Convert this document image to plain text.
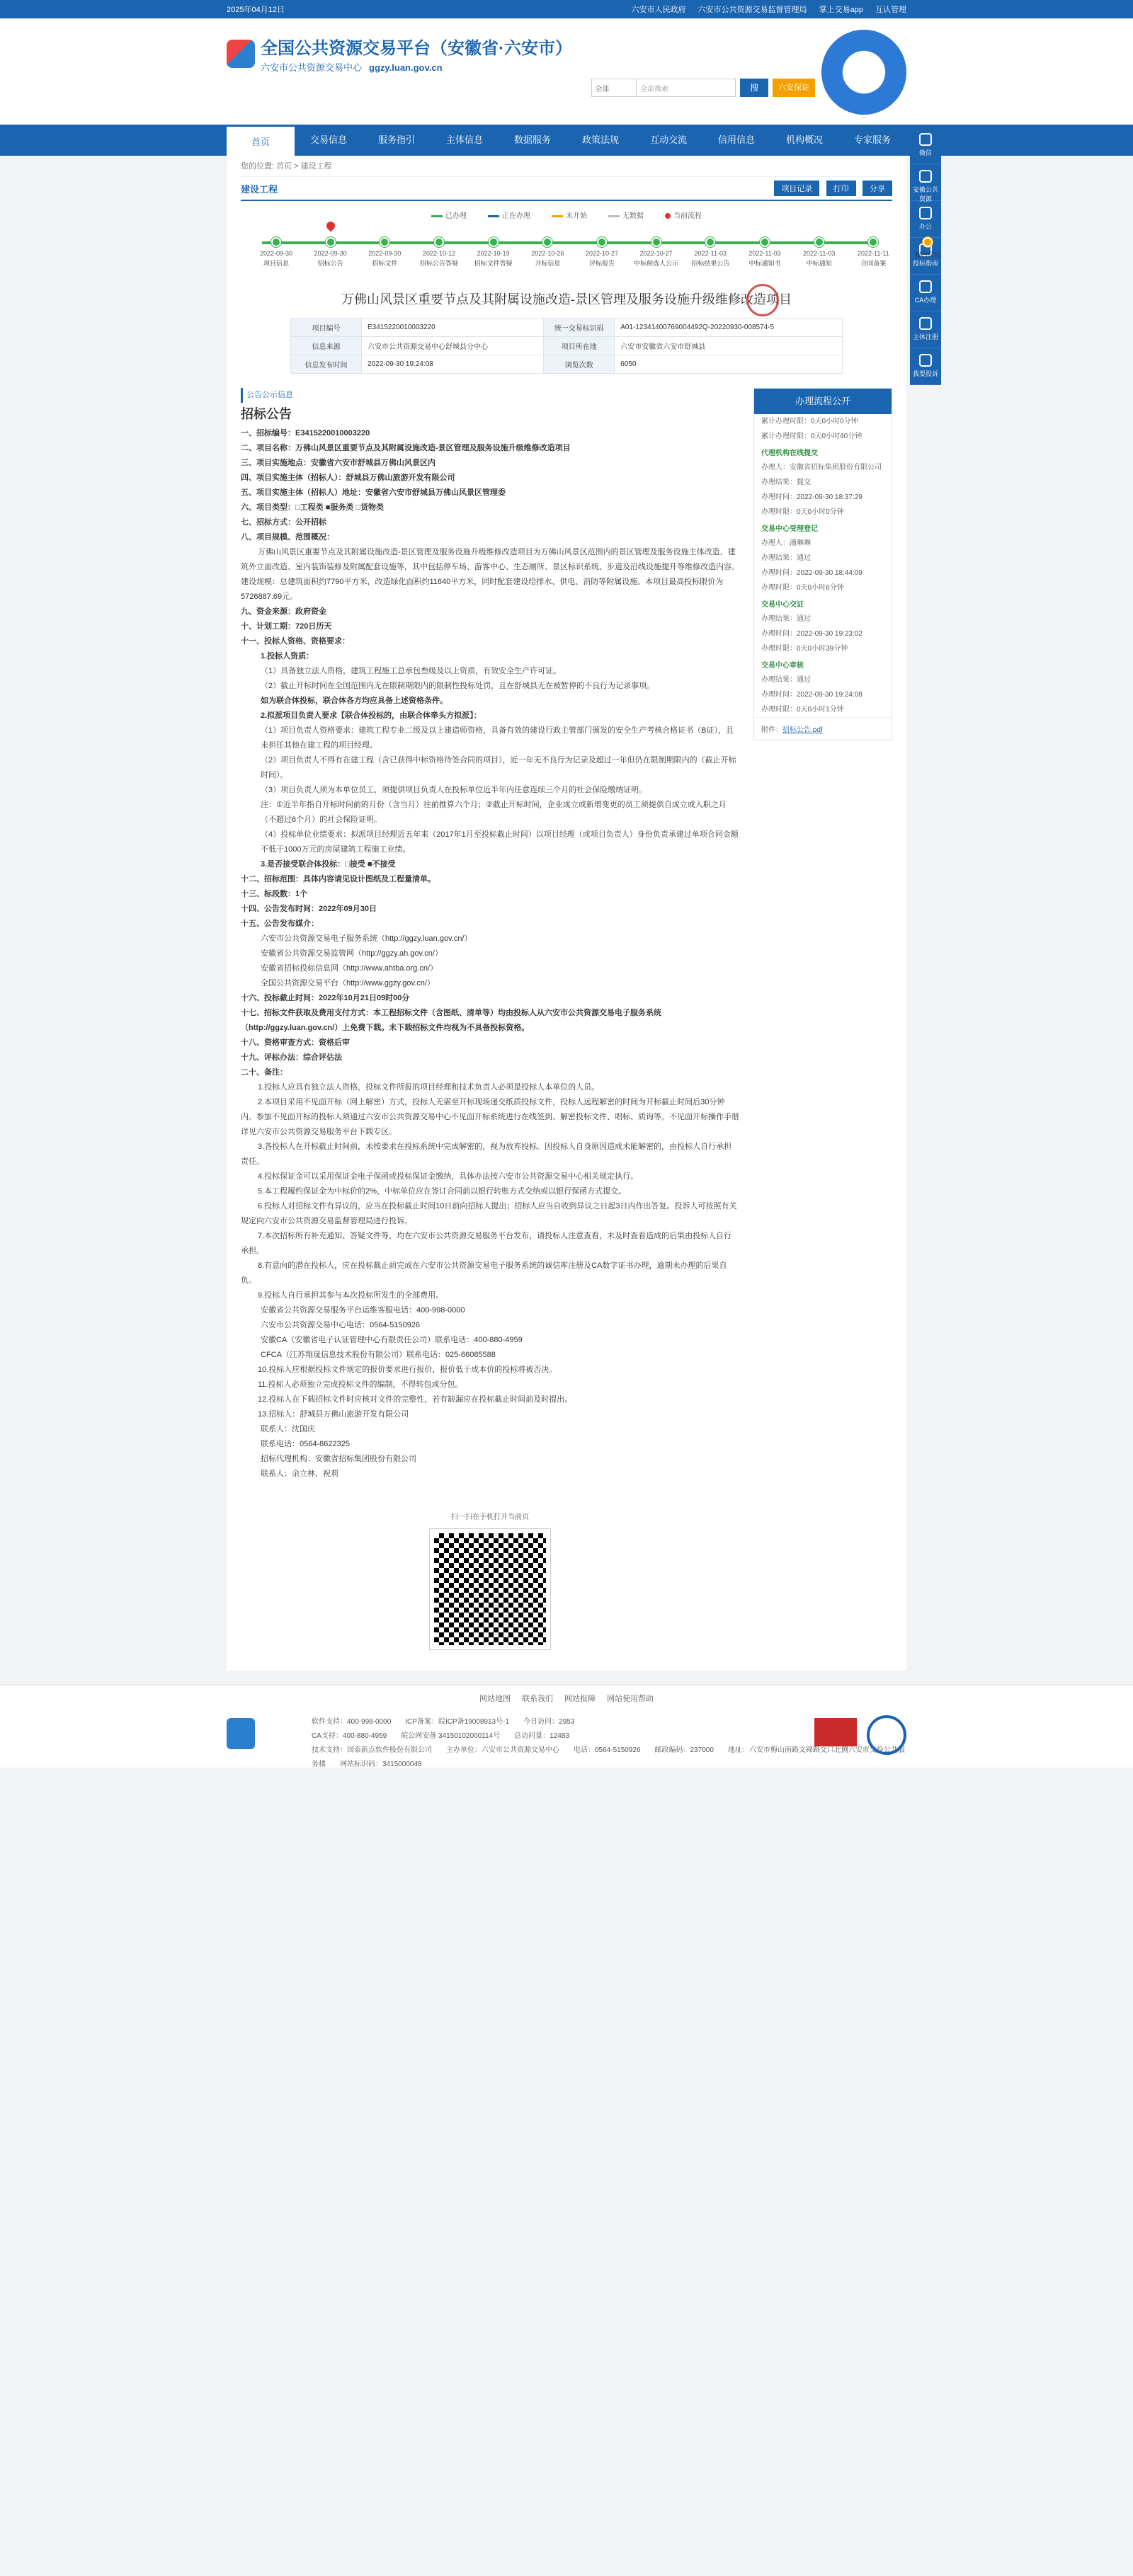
2025年04月12日	六安市人民政府 六安市公共资源交易监督管理局 掌上交易app 互认管理
全国公共资源交易平台（安徽省·六安市）
六安市公共资源交易中心 ggzy.luan.gov.cn
全部	全部搜索	搜	六安保证
首页	交易信息	服务指引	主体信息	数据服务	政策法规	互动交流	信用信息	机构概况	专家服务
微信
安徽公共资源
办公
投标指南
CA办理
主体注册
我要投诉
您的位置: 首页 > 建设工程
建设工程	项目记录	打印	分享
已办理	正在办理	未开始	无数据	当前流程
2022-09-30
项目信息
2022-09-30
招标公告
2022-09-30
招标文件
2022-10-12
招标公告答疑
2022-10-19
招标文件答疑
2022-10-26
开标信息
2022-10-27
评标报告
2022-10-27
中标候选人公示
2022-11-03
招标结果公告
2022-11-03
中标通知书
2022-11-03
中标通知
2022-11-11
合同备案
履约信息
万佛山风景区重要节点及其附属设施改造-景区管理及服务设施升级维修改造项目
项目编号	E3415220010003220	统一交易标识码	A01-12341400769004492Q-20220930-008574-5
信息来源	六安市公共资源交易中心舒城县分中心	项目所在地	六安市安徽省六安市舒城县
信息发布时间	2022-09-30 19:24:08	浏览次数	6050
公告公示信息
招标公告

一、招标编号：E3415220010003220

二、项目名称：万佛山风景区重要节点及其附属设施改造-景区管理及服务设施升级维修改造项目

三、项目实施地点：安徽省六安市舒城县万佛山风景区内

四、项目实施主体（招标人）：舒城县万佛山旅游开发有限公司

五、项目实施主体（招标人）地址：安徽省六安市舒城县万佛山风景区管理委

六、项目类型：□工程类 ■服务类 □货物类

七、招标方式：公开招标

八、项目规模、范围概况：

万佛山风景区重要节点及其附属设施改造-景区管理及服务设施升级维修改造项目为万佛山风景区范围内的景区管理及服务设施主体改造、建筑外立面改造、室内装饰装修及附属配套设施等，其中包括停车场、游客中心、生态厕所、景区标识系统、步道及沿线设施提升等维修改造内容。建设规模：总建筑面积约7790平方米，改造绿化面积约11640平方米，同时配套建设给排水、供电、消防等附属设施。本项目最高投标限价为5726887.69元。

九、资金来源：政府资金

十、计划工期：720日历天

十一、投标人资格、资格要求：

1.投标人资质：

（1）具备独立法人资格，建筑工程施工总承包叁级及以上资质，有效安全生产许可证。

（2）截止开标时间在全国范围内无在限制期限内的限制性投标处罚，且在舒城县无在被暂停的不良行为记录事项。

如为联合体投标，联合体各方均应具备上述资格条件。

2.拟派项目负责人要求【联合体投标的，由联合体牵头方拟派】：

（1）项目负责人资格要求：建筑工程专业二级及以上建造师资格，具备有效的建设行政主管部门颁发的安全生产考核合格证书（B证），且未担任其他在建工程的项目经理。

（2）项目负责人不得有在建工程（含已获得中标资格待签合同的项目），近一年无不良行为记录及超过一年但仍在限制期限内的（截止开标时间）。

（3）项目负责人须为本单位员工，须提供项目负责人在投标单位近半年内任意连续三个月的社会保险缴纳证明。

注：①近半年指自开标时间前的月份（含当月）往前推算六个月；②截止开标时间，企业成立或新增变更的员工须提供自成立或入职之月（不超过6个月）的社会保险证明。

（4）投标单位业绩要求：拟派项目经理近五年来（2017年1月至投标截止时间）以项目经理（或项目负责人）身份负责承建过单项合同金额不低于1000万元的房屋建筑工程施工业绩。

3.是否接受联合体投标：□接受 ■不接受

十二、招标范围：具体内容请见设计图纸及工程量清单。

十三、标段数：1个

十四、公告发布时间：2022年09月30日

十五、公告发布媒介：

六安市公共资源交易电子服务系统（http://ggzy.luan.gov.cn/）

安徽省公共资源交易监管网（http://ggzy.ah.gov.cn/）

安徽省招标投标信息网（http://www.ahtba.org.cn/）

全国公共资源交易平台（http://www.ggzy.gov.cn/）

十六、投标截止时间：2022年10月21日09时00分

十七、招标文件获取及费用支付方式：本工程招标文件（含图纸、清单等）均由投标人从六安市公共资源交易电子服务系统（http://ggzy.luan.gov.cn/）上免费下载。未下载招标文件均视为不具备投标资格。

十八、资格审查方式：资格后审

十九、评标办法：综合评估法

二十、备注：

1.投标人应具有独立法人资格，投标文件所报的项目经理和技术负责人必须是投标人本单位的人员。

2.本项目采用不见面开标（网上解密）方式，投标人无需至开标现场递交纸质投标文件，投标人远程解密的时间为开标截止时间后30分钟内。参加不见面开标的投标人须通过六安市公共资源交易中心不见面开标系统进行在线签到、解密投标文件、唱标、质询等。不见面开标操作手册详见六安市公共资源交易服务平台下载专区。

3.各投标人在开标截止时间前，未按要求在投标系统中完成解密的，视为放弃投标。因投标人自身原因造成未能解密的，由投标人自行承担责任。

4.投标保证金可以采用保证金电子保函或投标保证金缴纳，具体办法按六安市公共资源交易中心相关规定执行。

5.本工程履约保证金为中标价的2%，中标单位应在签订合同前以银行转账方式交纳或以银行保函方式提交。

6.投标人对招标文件有异议的，应当在投标截止时间10日前向招标人提出；招标人应当自收到异议之日起3日内作出答复。投诉人可按照有关规定向六安市公共资源交易监督管理局进行投诉。

7.本次招标所有补充通知、答疑文件等，均在六安市公共资源交易服务平台发布，请投标人注意查看，未及时查看造成的后果由投标人自行承担。

8.有意向的潜在投标人，应在投标截止前完成在六安市公共资源交易电子服务系统的诚信库注册及CA数字证书办理，逾期未办理的后果自负。

9.投标人自行承担其参与本次投标所发生的全部费用。

安徽省公共资源交易服务平台运维客服电话：400-998-0000

六安市公共资源交易中心电话：0564-5150926

安徽CA（安徽省电子认证管理中心有限责任公司）联系电话：400-880-4959

CFCA（江苏翔晟信息技术股份有限公司）联系电话：025-66085588

10.投标人应根据投标文件规定的报价要求进行报价，报价低于成本价的投标将被否决。

11.投标人必须独立完成投标文件的编制，不得转包或分包。

12.投标人在下载招标文件时应核对文件的完整性，若有缺漏应在投标截止时间前及时提出。

13.招标人：舒城县万佛山旅游开发有限公司

联系人：沈国庆

联系电话：0564-8622325

招标代理机构：安徽省招标集团股份有限公司

联系人：余立林、祝莉

扫一扫在手机打开当前页
办理流程公开
累计办理时限：0天0小时0分钟
累计办理时限：0天0小时40分钟
代理机构在线提交
办理人：安徽省招标集团股份有限公司
办理结果：提交
办理时间：2022-09-30 18:37:29
办理时限：0天0小时0分钟
交易中心受理登记
办理人：潘琳琳
办理结果：通过
办理时间：2022-09-30 18:44:09
办理时限：0天0小时6分钟
交易中心交证
办理结果：通过
办理时间：2022-09-30 19:23:02
办理时限：0天0小时39分钟
交易中心审核
办理结果：通过
办理时间：2022-09-30 19:24:08
办理时限：0天0小时1分钟
附件：招标公告.pdf
网站地图 联系我们 网站报障 网站使用帮助
软件支持：400-998-0000 ICP备案：皖ICP备19008913号-1 今日访问：2953
CA支持：400-880-4959 皖公网安备 34150102000114号 总访问量：12483
技术支持：国泰新点软件股份有限公司 主办单位：六安市公共资源交易中心 电话：0564-5150926 邮政编码：237000 地址：六安市梅山南路文锦路交口北侧六安市交投公共服务楼 网站标识码：3415000048
